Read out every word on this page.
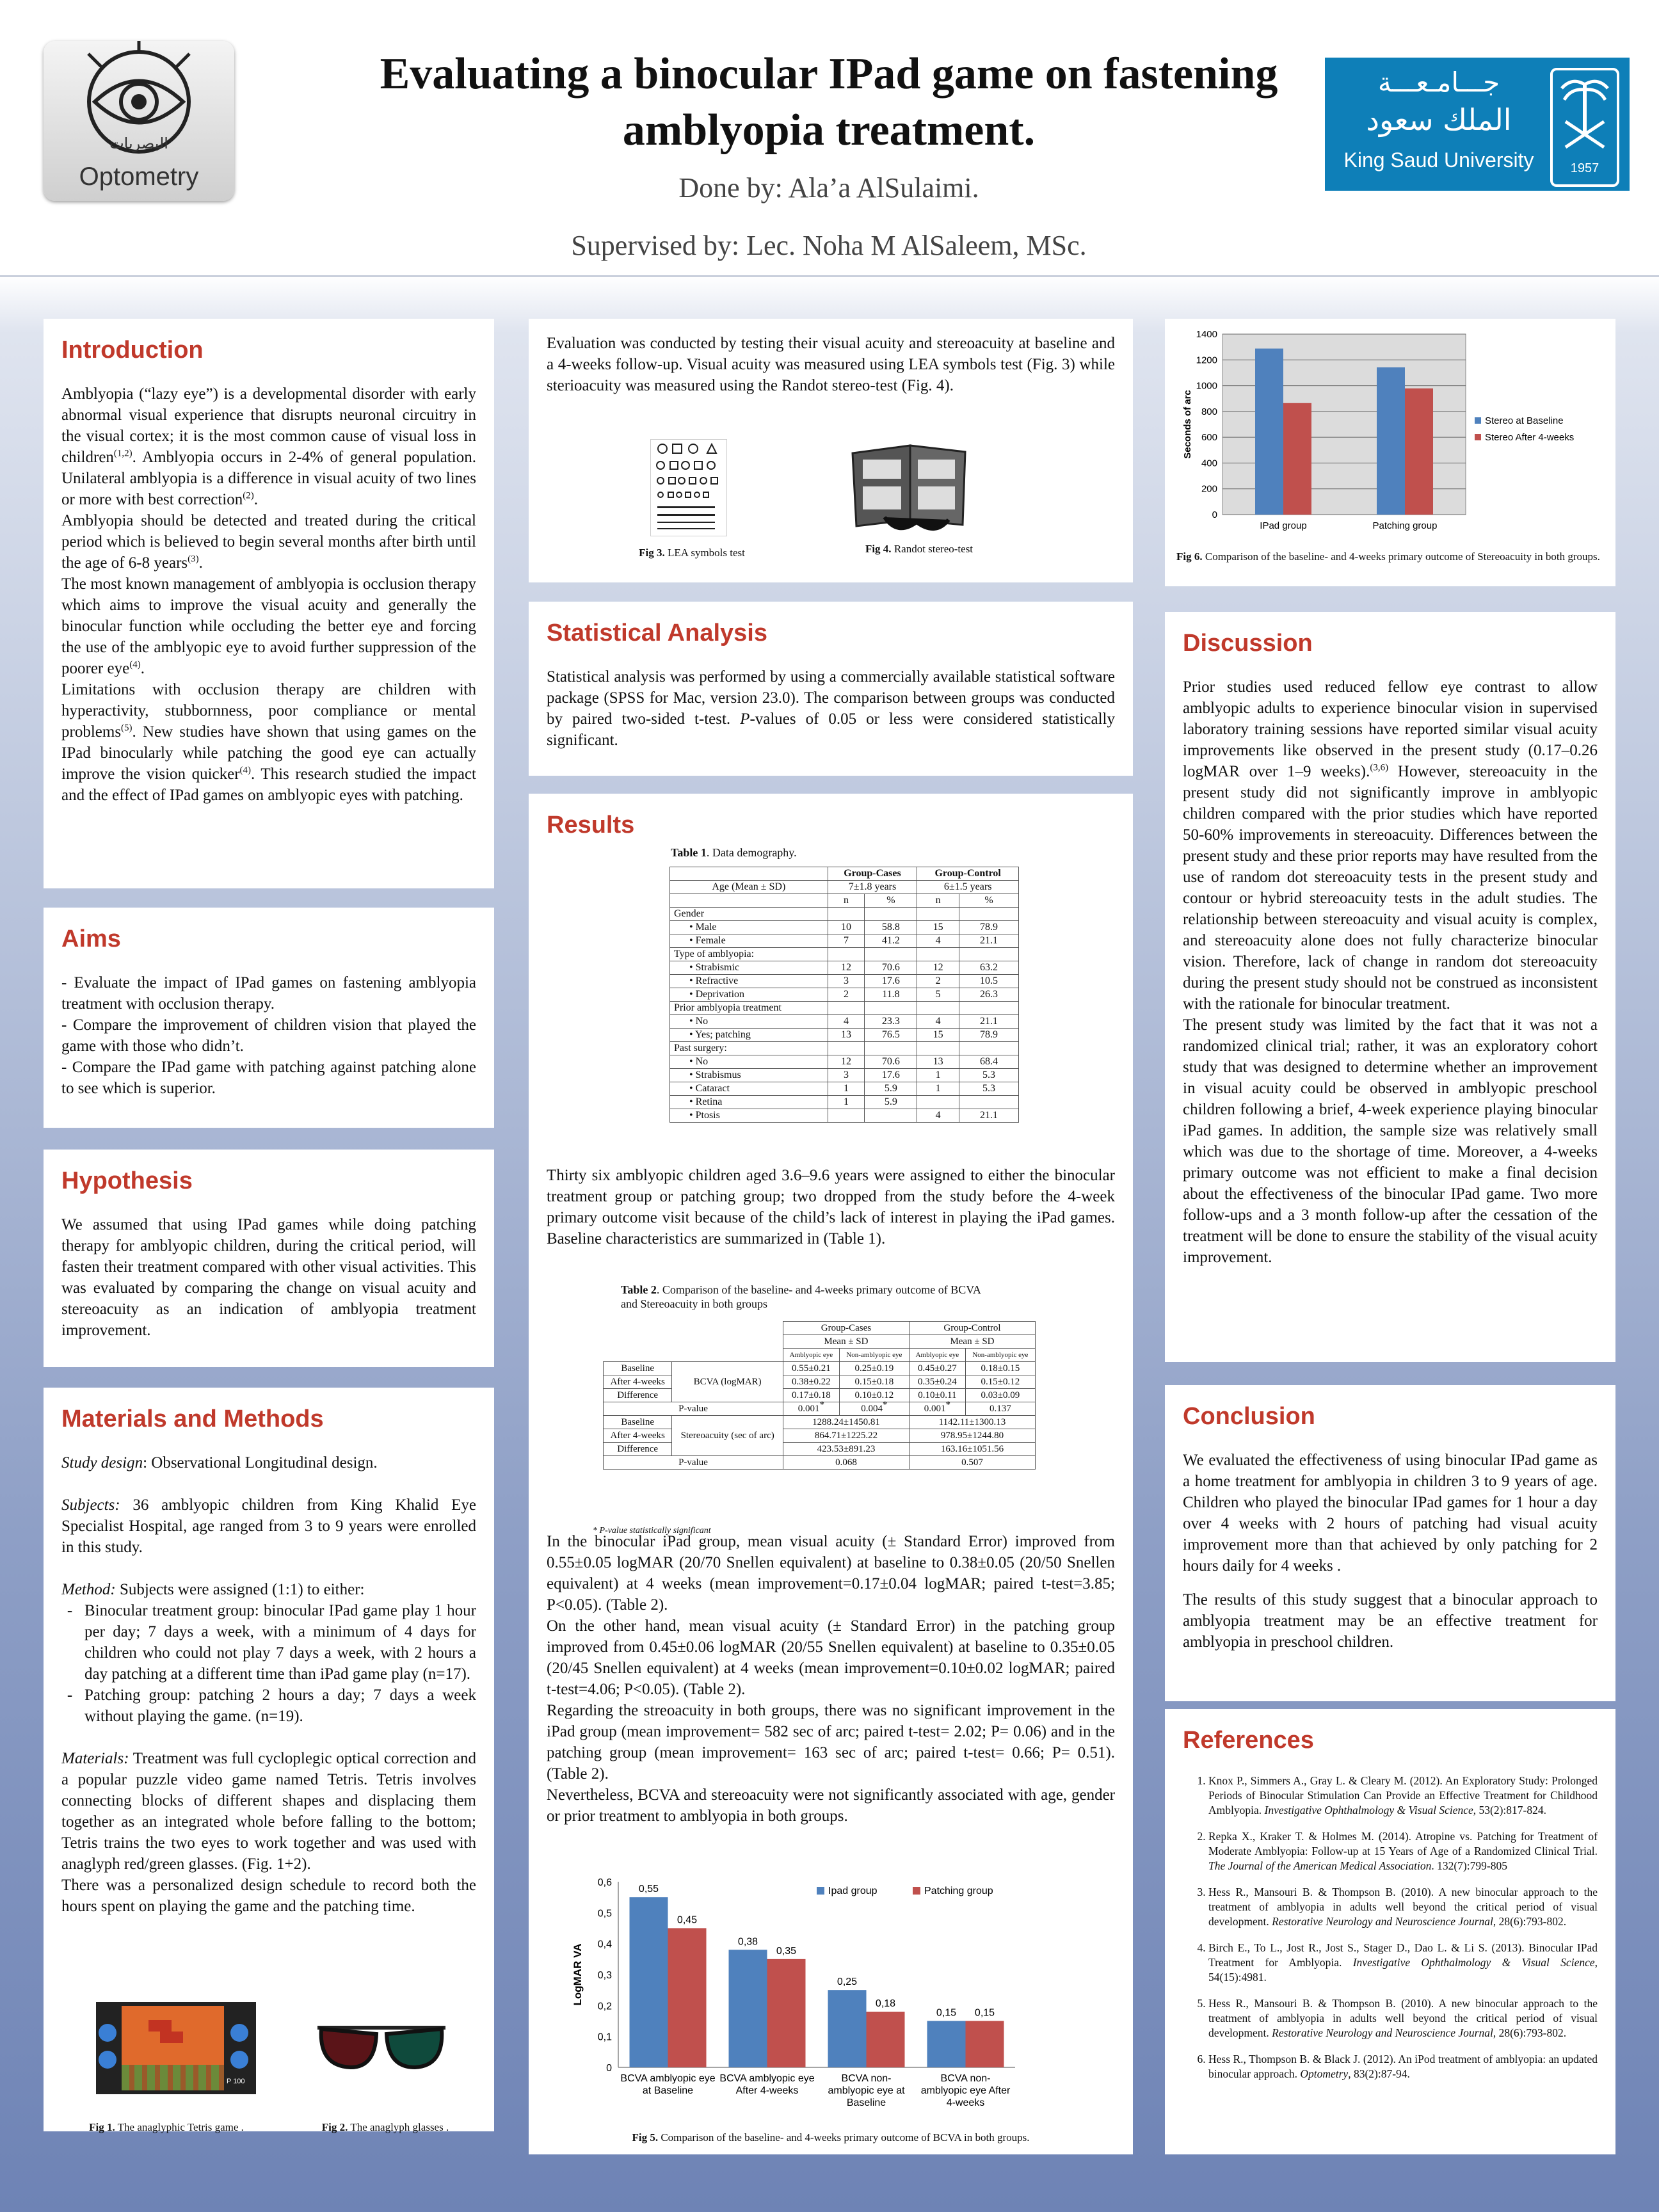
البصريات
Optometry
Evaluating a binocular IPad game on fastening
amblyopia treatment.
Done by: Ala’a AlSulaimi.
Supervised by: Lec. Noha M AlSaleem, MSc.
جـــامـعـــة
الملك سعود
King Saud University	1957
Introduction

Amblyopia (“lazy eye”) is a developmental disorder with early abnormal visual experience that disrupts neuronal circuitry in the visual cortex; it is the most common cause of visual loss in children$^{(1,2)}$. Amblyopia occurs in 2-4% of general population. Unilateral amblyopia is a difference in visual acuity of two lines or more with best correction$^{(2)}$.

Amblyopia should be detected and treated during the critical period which is believed to begin several months after birth until the age of 6-8 years$^{(3)}$.

The most known management of amblyopia is occlusion therapy which aims to improve the visual acuity and generally the binocular function while occluding the better eye and forcing the use of the amblyopic eye to avoid further suppression of the poorer eye$^{(4)}$.

Limitations with occlusion therapy are children with hyperactivity, stubbornness, poor compliance or mental problems$^{(5)}$. New studies have shown that using games on the IPad binocularly while patching the good eye can actually improve the vision quicker$^{(4)}$. This research studied the impact and the effect of IPad games on amblyopic eyes with patching.

Aims

- Evaluate the impact of IPad games on fastening amblyopia treatment with occlusion therapy.

- Compare the improvement of children vision that played the game with those who didn’t.

- Compare the IPad game with patching against patching alone to see which is superior.

Hypothesis

We assumed that using IPad games while doing patching therapy for amblyopic children, during the critical period, will fasten their treatment compared with other visual activities. This was evaluated by comparing the change on visual acuity and stereoacuity as an indication of amblyopia treatment improvement.

Materials and Methods

Study design: Observational Longitudinal design.

Subjects: 36 amblyopic children from King Khalid Eye Specialist Hospital, age ranged from 3 to 9 years were enrolled in this study.

Method: Subjects were assigned (1:1) to either:

- Binocular treatment group: binocular IPad game play 1 hour per day; 7 days a week, with a minimum of 4 days for children who could not play 7 days a week, with 2 hours a day patching at a different time than iPad game play (n=17).
- Patching group: patching 2 hours a day; 7 days a week without playing the game. (n=19).

Materials: Treatment was full cycloplegic optical correction and a popular puzzle video game named Tetris. Tetris involves connecting blocks of different shapes and displacing them together as an integrated whole before falling to the bottom; Tetris trains the two eyes to work together and was used with anaglyph red/green glasses. (Fig. 1+2).

There was a personalized design schedule to record both the hours spent on playing the game and the patching time.

P 100
Fig 1. The anaglyphic Tetris game .	Fig 2. The anaglyph glasses .

Evaluation was conducted by testing their visual acuity and stereoacuity at baseline and a 4-weeks follow-up. Visual acuity was measured using LEA symbols test (Fig. 3) while sterioacuity was measured using the Randot stereo-test (Fig. 4).

Fig 3. LEA symbols test	Fig 4. Randot stereo-test
Statistical Analysis

Statistical analysis was performed by using a commercially available statistical software package (SPSS for Mac, version 23.0). The comparison between groups was conducted by paired two-sided t-test. P-values of 0.05 or less were considered statistically significant.

Results
Table 1. Data demography.
	Group-Cases		Group-Control	
Age (Mean ± SD)	7±1.8 years		6±1.5 years	
	n	%	n	%
Gender				
• Male	10	58.8	15	78.9
• Female	7	41.2	4	21.1
Type of amblyopia:				
• Strabismic	12	70.6	12	63.2
• Refractive	3	17.6	2	10.5
• Deprivation	2	11.8	5	26.3
Prior amblyopia treatment				
• No	4	23.3	4	21.1
• Yes; patching	13	76.5	15	78.9
Past surgery:				
• No	12	70.6	13	68.4
• Strabismus	3	17.6	1	5.3
• Cataract	1	5.9	1	5.3
• Retina	1	5.9		
• Ptosis			4	21.1

Thirty six amblyopic children aged 3.6–9.6 years were assigned to either the binocular treatment group or patching group; two dropped from the study before the 4-week primary outcome visit because of the child’s lack of interest in playing the iPad games. Baseline characteristics are summarized in (Table 1).

Table 2. Comparison of the baseline- and 4-weeks primary outcome of BCVA and Stereoacuity in both groups
		Group-Cases		Group-Control	
		Mean ± SD		Mean ± SD	
		Amblyopic eye	Non-amblyopic eye	Amblyopic eye	Non-amblyopic eye
Baseline	BCVA (logMAR)	0.55±0.21	0.25±0.19	0.45±0.27	0.18±0.15
After 4-weeks		0.38±0.22	0.15±0.18	0.35±0.24	0.15±0.12
Difference		0.17±0.18	0.10±0.12	0.10±0.11	0.03±0.09
P-value		0.001*	0.004*	0.001*	0.137
Baseline	Stereoacuity (sec of arc)	1288.24±1450.81		1142.11±1300.13	
After 4-weeks		864.71±1225.22		978.95±1244.80	
Difference		423.53±891.23		163.16±1051.56	
P-value		0.068		0.507	
* P-value statistically significant

In the binocular iPad group, mean visual acuity (± Standard Error) improved from 0.55±0.05 logMAR (20/70 Snellen equivalent) at baseline to 0.38±0.05 (20/50 Snellen equivalent) at 4 weeks (mean improvement=0.17±0.04 logMAR; paired t-test=3.85; P<0.05). (Table 2).

On the other hand, mean visual acuity (± Standard Error) in the patching group improved from 0.45±0.06 logMAR (20/55 Snellen equivalent) at baseline to 0.35±0.05 (20/45 Snellen equivalent) at 4 weeks (mean improvement=0.10±0.02 logMAR; paired t-test=4.06; P<0.05). (Table 2).

Regarding the streoacuity in both groups, there was no significant improvement in the iPad group (mean improvement= 582 sec of arc; paired t-test= 2.02; P= 0.06) and in the patching group (mean improvement= 163 sec of arc; paired t-test= 0.66; P= 0.51). (Table 2).

Nevertheless, BCVA and stereoacuity were not significantly associated with age, gender or prior treatment to amblyopia in both groups.

0
0,1
0,2
0,3
0,4
0,5
0,6
LogMAR VA
0,55
0,45
BCVA amblyopic eye
at Baseline
0,38
0,35
BCVA amblyopic eye
After 4-weeks
0,25
0,18
BCVA non-
amblyopic eye at
Baseline
0,15 0,15
BCVA non-
amblyopic eye After
4-weeks
Ipad group	Patching group
Fig 5. Comparison of the baseline- and 4-weeks primary outcome of BCVA in both groups.
0
200
400
600
800
1000
1200
1400
Seconds of arc
IPad group	Patching group
Stereo at Baseline
Stereo After 4-weeks
Fig 6. Comparison of the baseline- and 4-weeks primary outcome of Stereoacuity in both groups.
Discussion

Prior studies used reduced fellow eye contrast to allow amblyopic adults to experience binocular vision in supervised laboratory training sessions have reported similar visual acuity improvements like observed in the present study (0.17–0.26 logMAR over 1–9 weeks).$^{(3,6)}$ However, stereoacuity in the present study did not significantly improve in amblyopic children compared with the prior studies which have reported 50-60% improvements in stereoacuity. Differences between the present study and these prior reports may have resulted from the use of random dot stereoacuity tests in the present study and contour or hybrid stereoacuity tests in the adult studies. The relationship between stereoacuity and visual acuity is complex, and stereoacuity alone does not fully characterize binocular vision. Therefore, lack of change in random dot stereoacuity during the present study should not be construed as inconsistent with the rationale for binocular treatment.

The present study was limited by the fact that it was not a randomized clinical trial; rather, it was an exploratory cohort study that was designed to determine whether an improvement in visual acuity could be observed in amblyopic preschool children following a brief, 4-week experience playing binocular iPad games. In addition, the sample size was relatively small which was due to the shortage of time. Moreover, a 4-weeks primary outcome was not efficient to make a final decision about the effectiveness of the binocular IPad game. Two more follow-ups and a 3 month follow-up after the cessation of the treatment will be done to ensure the stability of the visual acuity improvement.

Conclusion

We evaluated the effectiveness of using binocular IPad game as a home treatment for amblyopia in children 3 to 9 years of age. Children who played the binocular IPad games for 1 hour a day over 4 weeks with 2 hours of patching had visual acuity improvement more than that achieved by only patching for 2 hours daily for 4 weeks .

The results of this study suggest that a binocular approach to amblyopia treatment may be an effective treatment for amblyopia in preschool children.

References
1. Knox P., Simmers A., Gray L. & Cleary M. (2012). An Exploratory Study: Prolonged Periods of Binocular Stimulation Can Provide an Effective Treatment for Childhood Amblyopia. Investigative Ophthalmology & Visual Science, 53(2):817-824.
2. Repka X., Kraker T. & Holmes M. (2014). Atropine vs. Patching for Treatment of Moderate Amblyopia: Follow-up at 15 Years of Age of a Randomized Clinical Trial. The Journal of the American Medical Association. 132(7):799-805
3. Hess R., Mansouri B. & Thompson B. (2010). A new binocular approach to the treatment of amblyopia in adults well beyond the critical period of visual development. Restorative Neurology and Neuroscience Journal, 28(6):793-802.
4. Birch E., To L., Jost R., Jost S., Stager D., Dao L. & Li S. (2013). Binocular IPad Treatment for Amblyopia. Investigative Ophthalmology & Visual Science, 54(15):4981.
5. Hess R., Mansouri B. & Thompson B. (2010). A new binocular approach to the treatment of amblyopia in adults well beyond the critical period of visual development. Restorative Neurology and Neuroscience Journal, 28(6):793-802.
6. Hess R., Thompson B. & Black J. (2012). An iPod treatment of amblyopia: an updated binocular approach. Optometry, 83(2):87-94.
